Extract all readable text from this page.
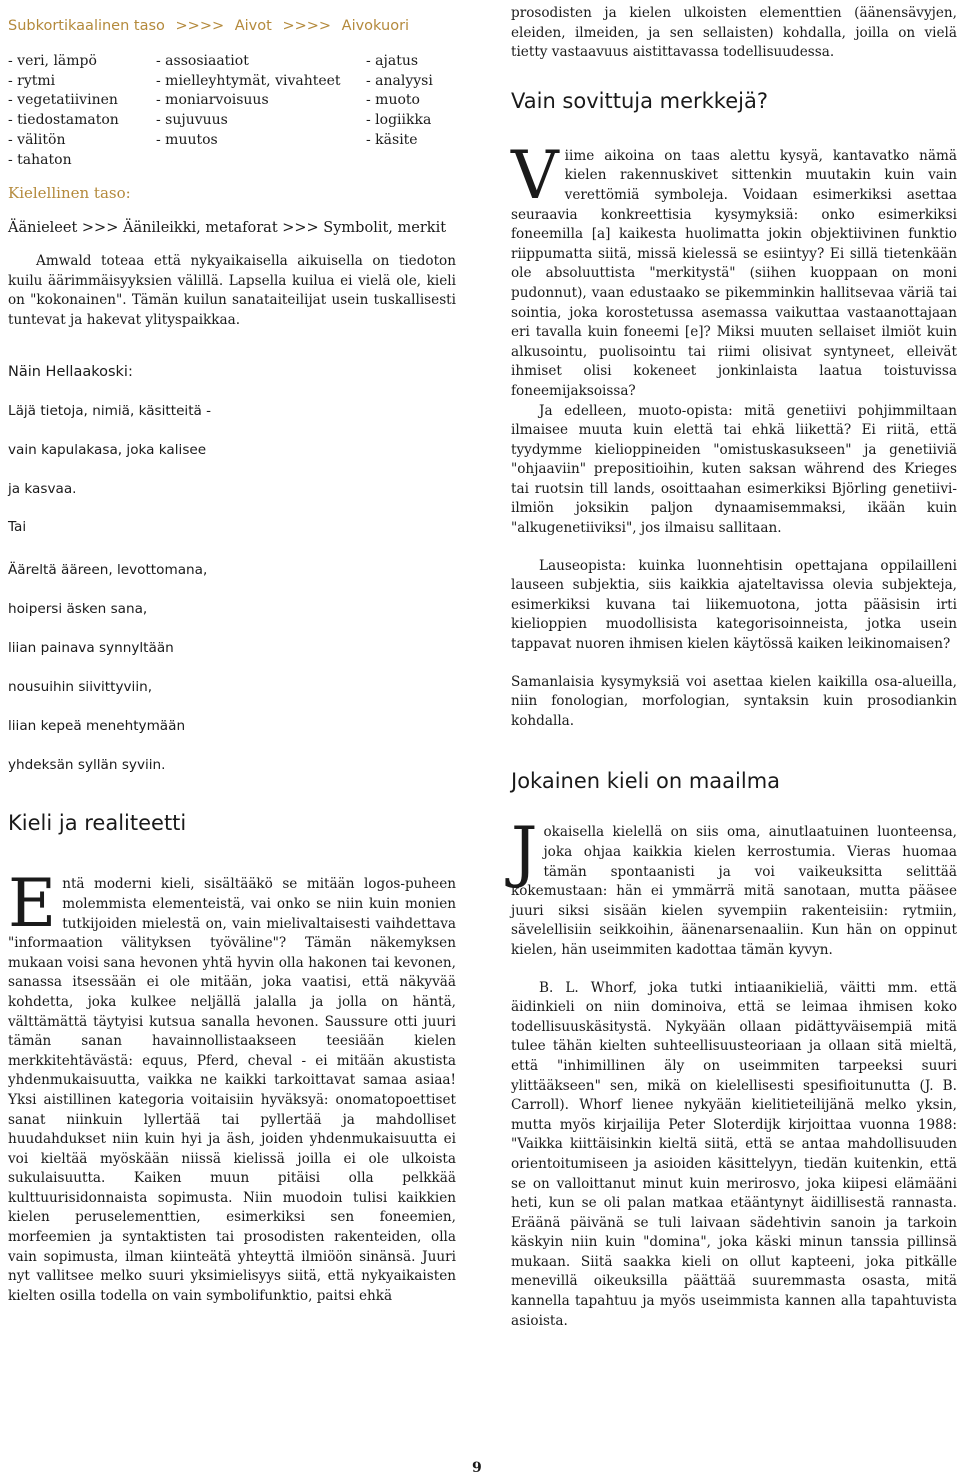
Subkortikaalinen taso >>>> Aivot >>>> Aivokuori
- veri, lämpö
- rytmi
- vegetatiivinen
- tiedostamaton
- välitön
- tahaton
- assosiaatiot
- mielleyhtymät, vivahteet
- moniarvoisuus
- sujuvuus
- muutos
- ajatus
- analyysi
- muoto
- logiikka
- käsite
Kielellinen taso:
Äänieleet >>> Äänileikki, metaforat >>> Symbolit, merkit

Amwald toteaa että nykyaikaisella aikuisella on tiedoton kuilu äärimmäisyyksien välillä. Lapsella kuilua ei vielä ole, kieli on "kokonainen". Tämän kuilun sanataiteilijat usein tuskallisesti tuntevat ja hakevat ylityspaikkaa.

Näin Hellaakoski:
Läjä tietoja, nimiä, käsitteitä -
vain kapulakasa, joka kalisee
ja kasvaa.
Tai
Ääreltä ääreen, levottomana,
hoipersi äsken sana,
liian painava synnyltään
nousuihin siivittyviin,
liian kepeä menehtymään
yhdeksän syllän syviin.
Kieli ja realiteetti

Entä moderni kieli, sisältääkö se mitään logos-puheen molemmista elementeistä, vai onko se niin kuin monien tutkijoiden mielestä on, vain mielivaltaisesti vaihdettava "informaation välityksen työväline"? Tämän näkemyksen mukaan voisi sana hevonen yhtä hyvin olla hakonen tai kevonen, sanassa itsessään ei ole mitään, joka vaatisi, että näkyvää kohdetta, joka kulkee neljällä jalalla ja jolla on häntä, välttämättä täytyisi kutsua sanalla hevonen. Saussure otti juuri tämän sanan havainnollistaakseen teesiään kielen merkkitehtävästä: equus, Pferd, cheval - ei mitään akustista yhdenmukaisuutta, vaikka ne kaikki tarkoittavat samaa asiaa! Yksi aistillinen kategoria voitaisiin hyväksyä: onomatopoettiset sanat niinkuin lyllertää tai pyllertää ja mahdolliset huudahdukset niin kuin hyi ja äsh, joiden yhdenmukaisuutta ei voi kieltää myöskään niissä kielissä joilla ei ole ulkoista sukulaisuutta. Kaiken muun pitäisi olla pelkkää kulttuurisidonnaista sopimusta. Niin muodoin tulisi kaikkien kielen peruselementtien, esimerkiksi sen foneemien, morfeemien ja syntaktisten tai prosodisten rakenteiden, olla vain sopimusta, ilman kiinteätä yhteyttä ilmiöön sinänsä. Juuri nyt vallitsee melko suuri yksimielisyys siitä, että nykyaikaisten kielten osilla todella on vain symbolifunktio, paitsi ehkä

prosodisten ja kielen ulkoisten elementtien (äänensävyjen, eleiden, ilmeiden, ja sen sellaisten) kohdalla, joilla on vielä tietty vastaavuus aistittavassa todellisuudessa.

Vain sovittuja merkkejä?

Viime aikoina on taas alettu kysyä, kantavatko nämä kielen rakennuskivet sittenkin muutakin kuin vain verettömiä symboleja. Voidaan esimerkiksi asettaa seuraavia konkreettisia kysymyksiä: onko esimerkiksi foneemilla [a] kaikesta huolimatta jokin objektiivinen funktio riippumatta siitä, missä kielessä se esiintyy? Ei sillä tietenkään ole absoluuttista "merkitystä" (siihen kuoppaan on moni pudonnut), vaan edustaako se pikemminkin hallitsevaa väriä tai sointia, joka korostetussa asemassa vaikuttaa vastaanottajaan eri tavalla kuin foneemi [e]? Miksi muuten sellaiset ilmiöt kuin alkusointu, puolisointu tai riimi olisivat syntyneet, elleivät ihmiset olisi kokeneet jonkinlaista laatua toistuvissa foneemijaksoissa?

Ja edelleen, muoto-opista: mitä genetiivi pohjimmiltaan ilmaisee muuta kuin elettä tai ehkä liikettä? Ei riitä, että tyydymme kielioppineiden "omistuskasukseen" ja genetiiviä "ohjaaviin" prepositioihin, kuten saksan während des Krieges tai ruotsin till lands, osoittaahan esimerkiksi Björling genetiivi-ilmiön joksikin paljon dynaamisemmaksi, ikään kuin "alkugenetiiviksi", jos ilmaisu sallitaan.

Lauseopista: kuinka luonnehtisin opettajana oppilailleni lauseen subjektia, siis kaikkia ajateltavissa olevia subjekteja, esimerkiksi kuvana tai liikemuotona, jotta pääsisin irti kielioppien muodollisista kategorisoinneista, jotka usein tappavat nuoren ihmisen kielen käytössä kaiken leikinomaisen?

Samanlaisia kysymyksiä voi asettaa kielen kaikilla osa-alueilla, niin fonologian, morfologian, syntaksin kuin prosodiankin kohdalla.

Jokainen kieli on maailma

Jokaisella kielellä on siis oma, ainutlaatuinen luonteensa, joka ohjaa kaikkia kielen kerrostumia. Vieras huomaa tämän spontaanisti ja voi vaikeuksitta selittää kokemustaan: hän ei ymmärrä mitä sanotaan, mutta pääsee juuri siksi sisään kielen syvempiin rakenteisiin: rytmiin, sävelellisiin seikkoihin, äänenarsenaaliin. Kun hän on oppinut kielen, hän useimmiten kadottaa tämän kyvyn.

B. L. Whorf, joka tutki intiaanikieliä, väitti mm. että äidinkieli on niin dominoiva, että se leimaa ihmisen koko todellisuuskäsitystä. Nykyään ollaan pidättyväisempiä mitä tulee tähän kielten suhteellisuusteoriaan ja ollaan sitä mieltä, että "inhimillinen äly on useimmiten tarpeeksi suuri ylittääkseen" sen, mikä on kielellisesti spesifioitunutta (J. B. Carroll). Whorf lienee nykyään kielitieteilijänä melko yksin, mutta myös kirjailija Peter Sloterdijk kirjoittaa vuonna 1988: "Vaikka kiittäisinkin kieltä siitä, että se antaa mahdollisuuden orientoitumiseen ja asioiden käsittelyyn, tiedän kuitenkin, että se on valloittanut minut kuin merirosvo, joka kiipesi elämääni heti, kun se oli palan matkaa etääntynyt äidillisestä rannasta. Eräänä päivänä se tuli laivaan sädehtivin sanoin ja tarkoin käskyin niin kuin "domina", joka käski minun tanssia pillinsä mukaan. Siitä saakka kieli on ollut kapteeni, joka pitkälle menevillä oikeuksilla päättää suuremmasta osasta, mitä kannella tapahtuu ja myös useimmista kannen alla tapahtuvista asioista.

9
